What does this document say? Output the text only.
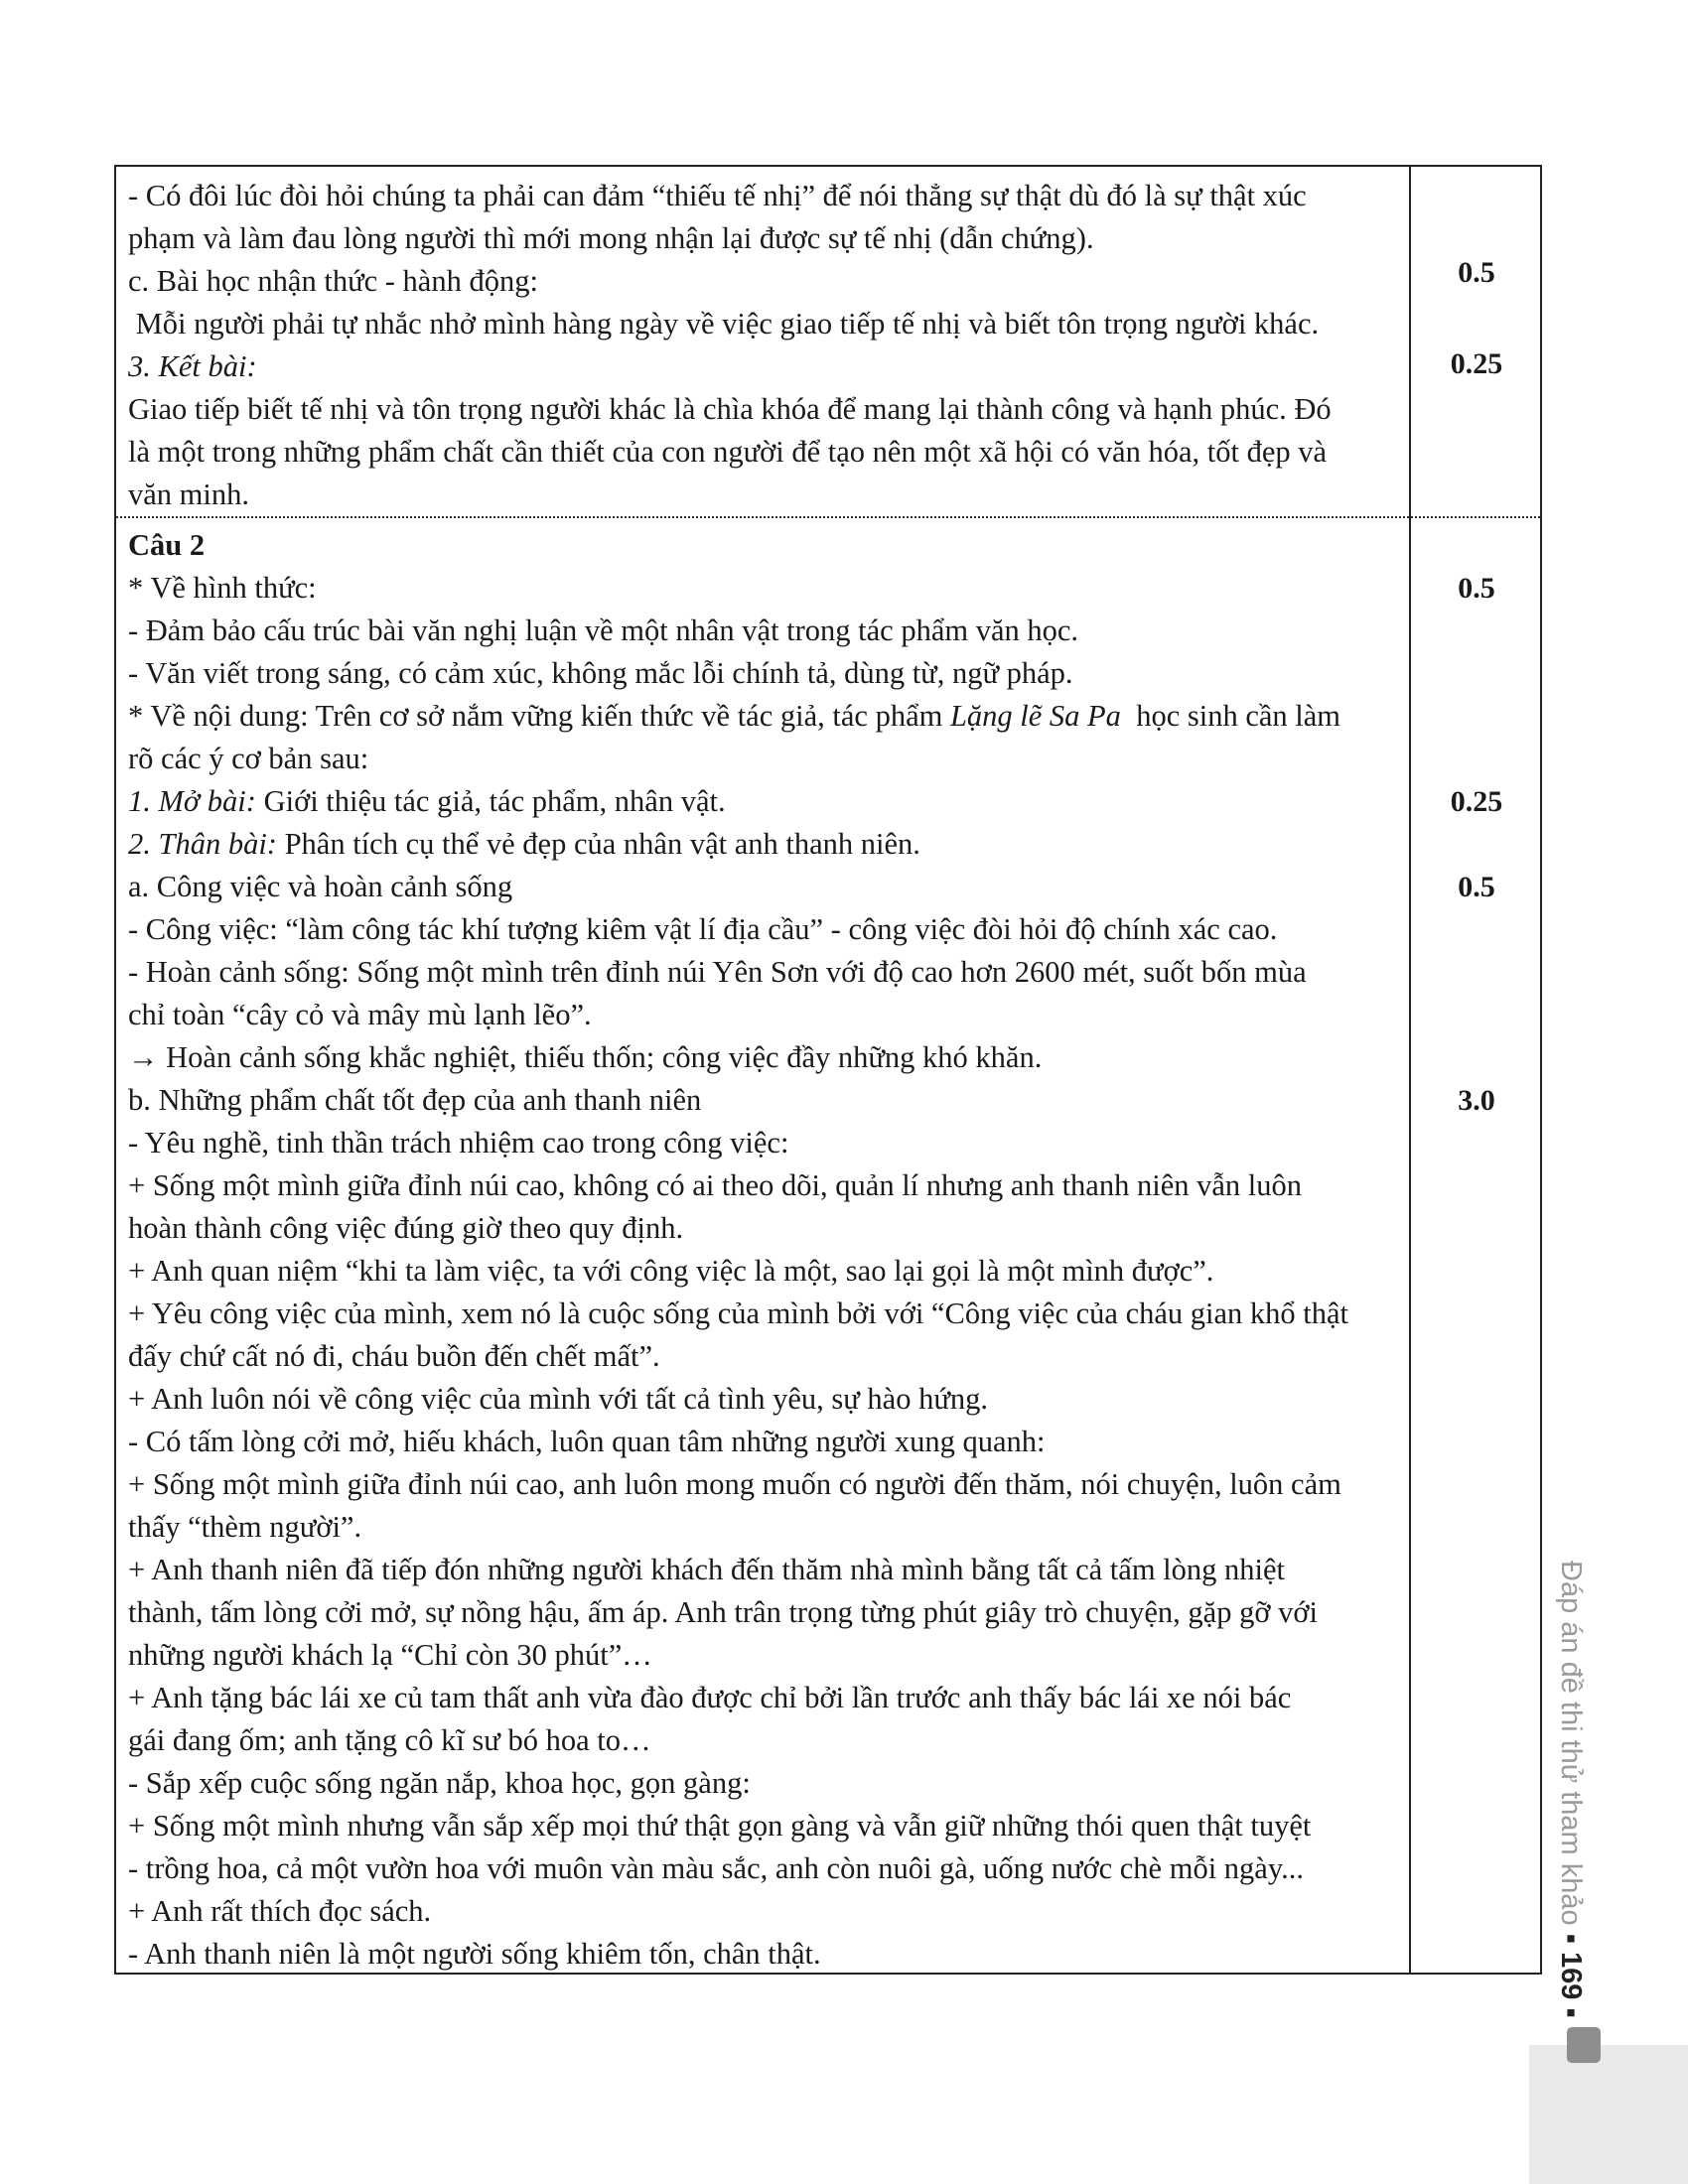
- Có đôi lúc đòi hỏi chúng ta phải can đảm “thiếu tế nhị” để nói thẳng sự thật dù đó là sự thật xúc

phạm và làm đau lòng người thì mới mong nhận lại được sự tế nhị (dẫn chứng).

c. Bài học nhận thức - hành động:

Mỗi người phải tự nhắc nhở mình hàng ngày về việc giao tiếp tế nhị và biết tôn trọng người khác.

3. Kết bài:

Giao tiếp biết tế nhị và tôn trọng người khác là chìa khóa để mang lại thành công và hạnh phúc. Đó

là một trong những phẩm chất cần thiết của con người để tạo nên một xã hội có văn hóa, tốt đẹp và

văn minh.

0.5
0.25

Câu 2

* Về hình thức:

- Đảm bảo cấu trúc bài văn nghị luận về một nhân vật trong tác phẩm văn học.

- Văn viết trong sáng, có cảm xúc, không mắc lỗi chính tả, dùng từ, ngữ pháp.

* Về nội dung: Trên cơ sở nắm vững kiến thức về tác giả, tác phẩm Lặng lẽ Sa Pa  học sinh cần làm

rõ các ý cơ bản sau:

1. Mở bài: Giới thiệu tác giả, tác phẩm, nhân vật.

2. Thân bài: Phân tích cụ thể vẻ đẹp của nhân vật anh thanh niên.

a. Công việc và hoàn cảnh sống

- Công việc: “làm công tác khí tượng kiêm vật lí địa cầu” - công việc đòi hỏi độ chính xác cao.

- Hoàn cảnh sống: Sống một mình trên đỉnh núi Yên Sơn với độ cao hơn 2600 mét, suốt bốn mùa

chỉ toàn “cây cỏ và mây mù lạnh lẽo”.

→ Hoàn cảnh sống khắc nghiệt, thiếu thốn; công việc đầy những khó khăn.

b. Những phẩm chất tốt đẹp của anh thanh niên

- Yêu nghề, tinh thần trách nhiệm cao trong công việc:

+ Sống một mình giữa đỉnh núi cao, không có ai theo dõi, quản lí nhưng anh thanh niên vẫn luôn

hoàn thành công việc đúng giờ theo quy định.

+ Anh quan niệm “khi ta làm việc, ta với công việc là một, sao lại gọi là một mình được”.

+ Yêu công việc của mình, xem nó là cuộc sống của mình bởi với “Công việc của cháu gian khổ thật

đấy chứ cất nó đi, cháu buồn đến chết mất”.

+ Anh luôn nói về công việc của mình với tất cả tình yêu, sự hào hứng.

- Có tấm lòng cởi mở, hiếu khách, luôn quan tâm những người xung quanh:

+ Sống một mình giữa đỉnh núi cao, anh luôn mong muốn có người đến thăm, nói chuyện, luôn cảm

thấy “thèm người”.

+ Anh thanh niên đã tiếp đón những người khách đến thăm nhà mình bằng tất cả tấm lòng nhiệt

thành, tấm lòng cởi mở, sự nồng hậu, ấm áp. Anh trân trọng từng phút giây trò chuyện, gặp gỡ với

những người khách lạ “Chỉ còn 30 phút”…

+ Anh tặng bác lái xe củ tam thất anh vừa đào được chỉ bởi lần trước anh thấy bác lái xe nói bác

gái đang ốm; anh tặng cô kĩ sư bó hoa to…

- Sắp xếp cuộc sống ngăn nắp, khoa học, gọn gàng:

+ Sống một mình nhưng vẫn sắp xếp mọi thứ thật gọn gàng và vẫn giữ những thói quen thật tuyệt

- trồng hoa, cả một vườn hoa với muôn vàn màu sắc, anh còn nuôi gà, uống nước chè mỗi ngày...

+ Anh rất thích đọc sách.

- Anh thanh niên là một người sống khiêm tốn, chân thật.

0.5
0.25
0.5
3.0
Đáp án đề thi thử tham khảo ▪ 169 ▪
